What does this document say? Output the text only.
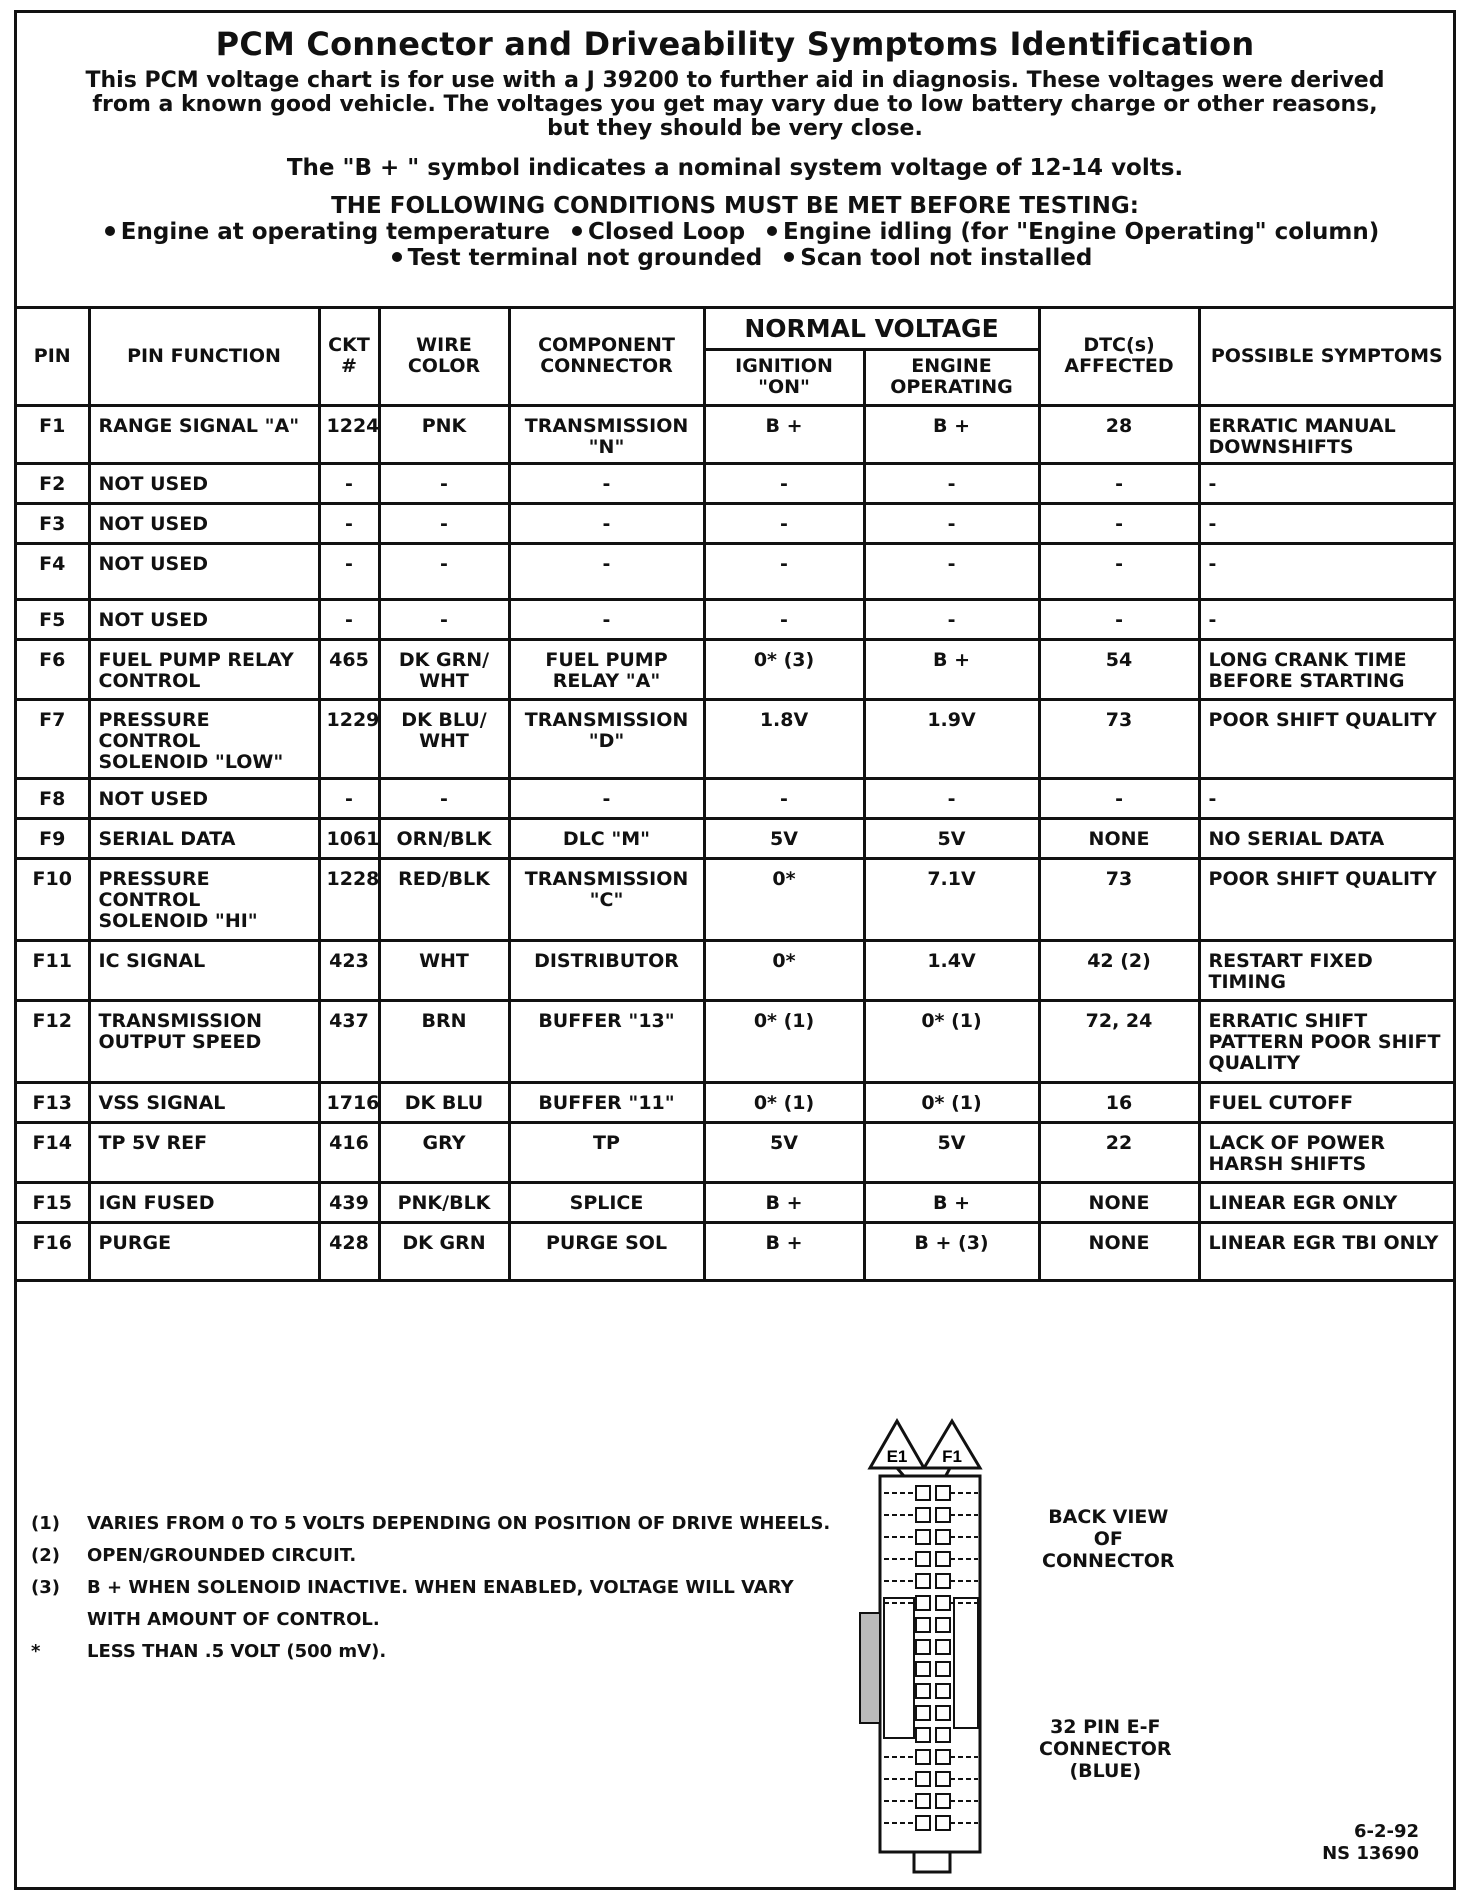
PCM Connector and Driveability Symptoms Identification
This PCM voltage chart is for use with a J 39200 to further aid in diagnosis. These voltages were derived
from a known good vehicle. The voltages you get may vary due to low battery charge or other reasons,
but they should be very close.
The "B + " symbol indicates a nominal system voltage of 12-14 volts.
THE FOLLOWING CONDITIONS MUST BE MET BEFORE TESTING:
Engine at operating temperature Closed Loop Engine idling (for "Engine Operating" column)
Test terminal not grounded Scan tool not installed
PIN	PIN FUNCTION	CKT #	WIRE COLOR	COMPONENT CONNECTOR	NORMAL VOLTAGE		DTC(s) AFFECTED	POSSIBLE SYMPTOMS
					IGNITION "ON"	ENGINE OPERATING		
F1	RANGE SIGNAL "A"	1224	PNK	TRANSMISSION "N"	B +	B +	28	ERRATIC MANUAL DOWNSHIFTS
F2	NOT USED	-	-	-	-	-	-	-
F3	NOT USED	-	-	-	-	-	-	-
F4	NOT USED	-	-	-	-	-	-	-
F5	NOT USED	-	-	-	-	-	-	-
F6	FUEL PUMP RELAY CONTROL	465	DK GRN/ WHT	FUEL PUMP RELAY "A"	0* (3)	B +	54	LONG CRANK TIME BEFORE STARTING
F7	PRESSURE CONTROL SOLENOID "LOW"	1229	DK BLU/ WHT	TRANSMISSION "D"	1.8V	1.9V	73	POOR SHIFT QUALITY
F8	NOT USED	-	-	-	-	-	-	-
F9	SERIAL DATA	1061	ORN/BLK	DLC "M"	5V	5V	NONE	NO SERIAL DATA
F10	PRESSURE CONTROL SOLENOID "HI"	1228	RED/BLK	TRANSMISSION "C"	0*	7.1V	73	POOR SHIFT QUALITY
F11	IC SIGNAL	423	WHT	DISTRIBUTOR	0*	1.4V	42 (2)	RESTART FIXED TIMING
F12	TRANSMISSION OUTPUT SPEED	437	BRN	BUFFER "13"	0* (1)	0* (1)	72, 24	ERRATIC SHIFT PATTERN POOR SHIFT QUALITY
F13	VSS SIGNAL	1716	DK BLU	BUFFER "11"	0* (1)	0* (1)	16	FUEL CUTOFF
F14	TP 5V REF	416	GRY	TP	5V	5V	22	LACK OF POWER HARSH SHIFTS
F15	IGN FUSED	439	PNK/BLK	SPLICE	B +	B +	NONE	LINEAR EGR ONLY
F16	PURGE	428	DK GRN	PURGE SOL	B +	B + (3)	NONE	LINEAR EGR TBI ONLY
(1)	VARIES FROM 0 TO 5 VOLTS DEPENDING ON POSITION OF DRIVE WHEELS.
(2)	OPEN/GROUNDED CIRCUIT.
(3)	B + WHEN SOLENOID INACTIVE. WHEN ENABLED, VOLTAGE WILL VARY WITH AMOUNT OF CONTROL.
*	LESS THAN .5 VOLT (500 mV).
E1 F1
BACK VIEW
OF
CONNECTOR
32 PIN E-F
CONNECTOR
(BLUE)
6-2-92
NS 13690
